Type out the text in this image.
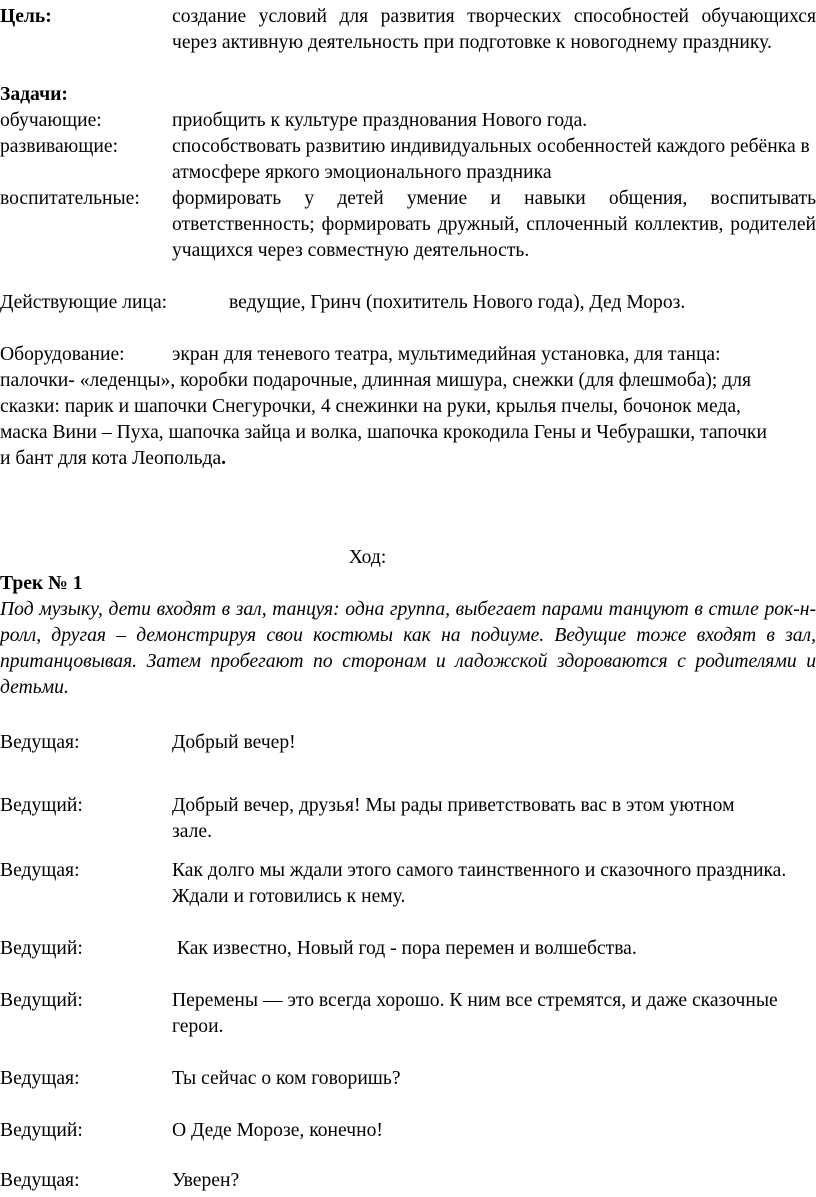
Цель:	создание условий для развития творческих способностей обучающихся через активную деятельность при подготовке к новогоднему празднику.
Задачи:
обучающие:	приобщить к культуре празднования Нового года.
развивающие:	способствовать развитию индивидуальных особенностей каждого ребёнка в атмосфере яркого эмоционального праздника
воспитательные: формировать у детей умение и навыки общения, воспитывать ответственность; формировать дружный, сплоченный коллектив, родителей учащихся через совместную деятельность.
Действующие лица:	ведущие, Гринч (похититель Нового года), Дед Мороз.
Оборудование: экран для теневого театра, мультимедийная установка, для танца:
палочки- «леденцы», коробки подарочные, длинная мишура, снежки (для флешмоба); для сказки: парик и шапочки Снегурочки, 4 снежинки на руки, крылья пчелы, бочонок меда, маска Вини – Пуха, шапочка зайца и волка, шапочка крокодила Гены и Чебурашки, тапочки и бант для кота Леопольда.
Ход:
Трек № 1
Под музыку, дети входят в зал, танцуя: одна группа, выбегает парами танцуют в стиле рок-н-ролл, другая – демонстрируя свои костюмы как на подиуме. Ведущие тоже входят в зал, пританцовывая. Затем пробегают по сторонам и ладожской здороваются с родителями и детьми.
Ведущая:	Добрый вечер!
Ведущий:	Добрый вечер, друзья! Мы рады приветствовать вас в этом уютном зале.
Ведущая:	Как долго мы ждали этого самого таинственного и сказочного праздника. Ждали и готовились к нему.
Ведущий:	Как известно, Новый год - пора перемен и волшебства.
Ведущий:	Перемены — это всегда хорошо. К ним все стремятся, и даже сказочные герои.
Ведущая:	Ты сейчас о ком говоришь?
Ведущий:	О Деде Морозе, конечно!
Ведущая:	Уверен?
